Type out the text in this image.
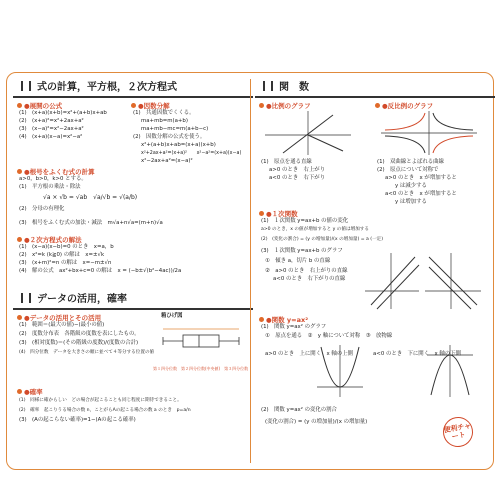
式の計算，平方根，２次方程式
●展開の公式
(1)　(x+a)(x+b)=x²+(a+b)x+ab
(2)　(x+a)²=x²+2ax+a²
(3)　(x−a)²=x²−2ax+a²
(4)　(x+a)(x−a)=x²−a²
●因数分解
(1)　共通因数でくくる。
ma+mb=m(a+b)
ma+mb−mc=m(a+b−c)
(2)　因数分解の公式を使う。
x²+(a+b)x+ab=(x+a)(x+b)
x²+2ax+a²=(x+a)²　　x²−a²=(x+a)(x−a)
x²−2ax+a²=(x−a)²
●根号をふくむ式の計算
a>0，b>0，k>0 とする。
(1)　平方根の乗法・除法
√a × √b = √ab　√a/√b = √(a/b)
(2)　分母の有理化
(3)　根号をふくむ式の加法・減法　m√a+n√a=(m+n)√a
●２次方程式の解法
(1)　(x−a)(x−b)=0 のとき　x=a，b
(2)　x²=k (k≧0) の解は　x=±√k
(3)　(x+m)²=n の解は　x=−m±√n
(4)　解の公式　ax²+bx+c=0 の解は　x = (−b±√(b²−4ac))/2a
データの活用，確率
●データの活用とその活用
(1)　範囲＝(最大の値)−(最小の値)
(2)　度数分布表　各階級の度数を表にしたもの。
(3)　(相対度数)＝(その階級の度数)/(度数の合計)
(4)　四分位数　データを大きさの順に並べて４等分する位置の値
箱ひげ図
第１四分位数　第２四分位数(中央値)　第３四分位数
●確率
(1)　同様に確からしい　どの場合が起こることも同じ程度に期待できること。
(2)　確率　起こりうる場合の数 n，ことがらAの起こる場合の数 a のとき　p=a/n
(3)　(Aの起こらない確率)=1−(Aの起こる確率)
関　数
●比例のグラフ
(1)　原点を通る直線
a>0 のとき　右上がり
a<0 のとき　右下がり
●反比例のグラフ
(1)　双曲線とよばれる曲線
(2)　原点について対称で
a>0 のとき　x が増加すると
y は減少する
a<0 のとき　x が増加すると
y は増加する
●１次関数
(1)　１次関数 y=ax+b の値の変化
a>0 のとき，x の値が増加すると y の値は増加する
(2)　(変化の割合) = (y の増加量)/(x の増加量) = a (一定)
(3)　１次関数 y=ax+b のグラフ
①　傾き a，切片 b の直線
②　a>0 のとき　右上がりの直線
a<0 のとき　右下がりの直線
●関数 y=ax²
(1)　関数 y=ax² のグラフ
①　原点を通る　②　y 軸について対称　③　放物線
a>0 のとき　上に開く　x 軸の上側	a<0 のとき　下に開く　x 軸の下側
(2)　関数 y=ax² の変化の割合
(変化の割合) = (y の増加量)/(x の増加量)	便利チャート
